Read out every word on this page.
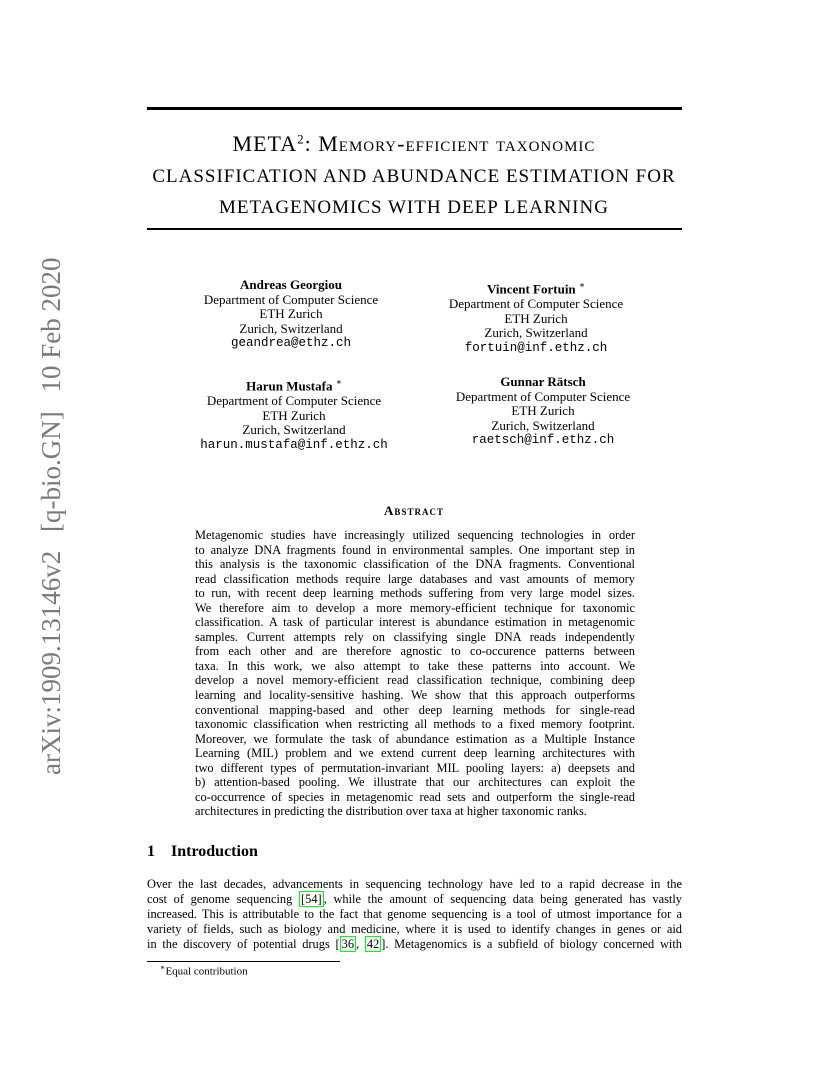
arXiv:1909.13146v2 [q-bio.GN] 10 Feb 2020
META$^2$: Memory-efficient taxonomic
CLASSIFICATION AND ABUNDANCE ESTIMATION FOR
METAGENOMICS WITH DEEP LEARNING
Andreas Georgiou
Department of Computer Science
ETH Zurich
Zurich, Switzerland
geandrea@ethz.ch
Vincent Fortuin ∗
Department of Computer Science
ETH Zurich
Zurich, Switzerland
fortuin@inf.ethz.ch
Harun Mustafa ∗
Department of Computer Science
ETH Zurich
Zurich, Switzerland
harun.mustafa@inf.ethz.ch
Gunnar Rätsch
Department of Computer Science
ETH Zurich
Zurich, Switzerland
raetsch@inf.ethz.ch
Abstract
Metagenomic studies have increasingly utilized sequencing technologies in order
to analyze DNA fragments found in environmental samples. One important step in
this analysis is the taxonomic classification of the DNA fragments. Conventional
read classification methods require large databases and vast amounts of memory
to run, with recent deep learning methods suffering from very large model sizes.
We therefore aim to develop a more memory-efficient technique for taxonomic
classification. A task of particular interest is abundance estimation in metagenomic
samples. Current attempts rely on classifying single DNA reads independently
from each other and are therefore agnostic to co-occurence patterns between
taxa. In this work, we also attempt to take these patterns into account. We
develop a novel memory-efficient read classification technique, combining deep
learning and locality-sensitive hashing. We show that this approach outperforms
conventional mapping-based and other deep learning methods for single-read
taxonomic classification when restricting all methods to a fixed memory footprint.
Moreover, we formulate the task of abundance estimation as a Multiple Instance
Learning (MIL) problem and we extend current deep learning architectures with
two different types of permutation-invariant MIL pooling layers: a) deepsets and
b) attention-based pooling. We illustrate that our architectures can exploit the
co-occurrence of species in metagenomic read sets and outperform the single-read
architectures in predicting the distribution over taxa at higher taxonomic ranks.
1 Introduction
Over the last decades, advancements in sequencing technology have led to a rapid decrease in the
cost of genome sequencing [54] , while the amount of sequencing data being generated has vastly
increased. This is attributable to the fact that genome sequencing is a tool of utmost importance for a
variety of fields, such as biology and medicine, where it is used to identify changes in genes or aid
in the discovery of potential drugs [ 36 , 42 ]. Metagenomics is a subfield of biology concerned with
∗Equal contribution
